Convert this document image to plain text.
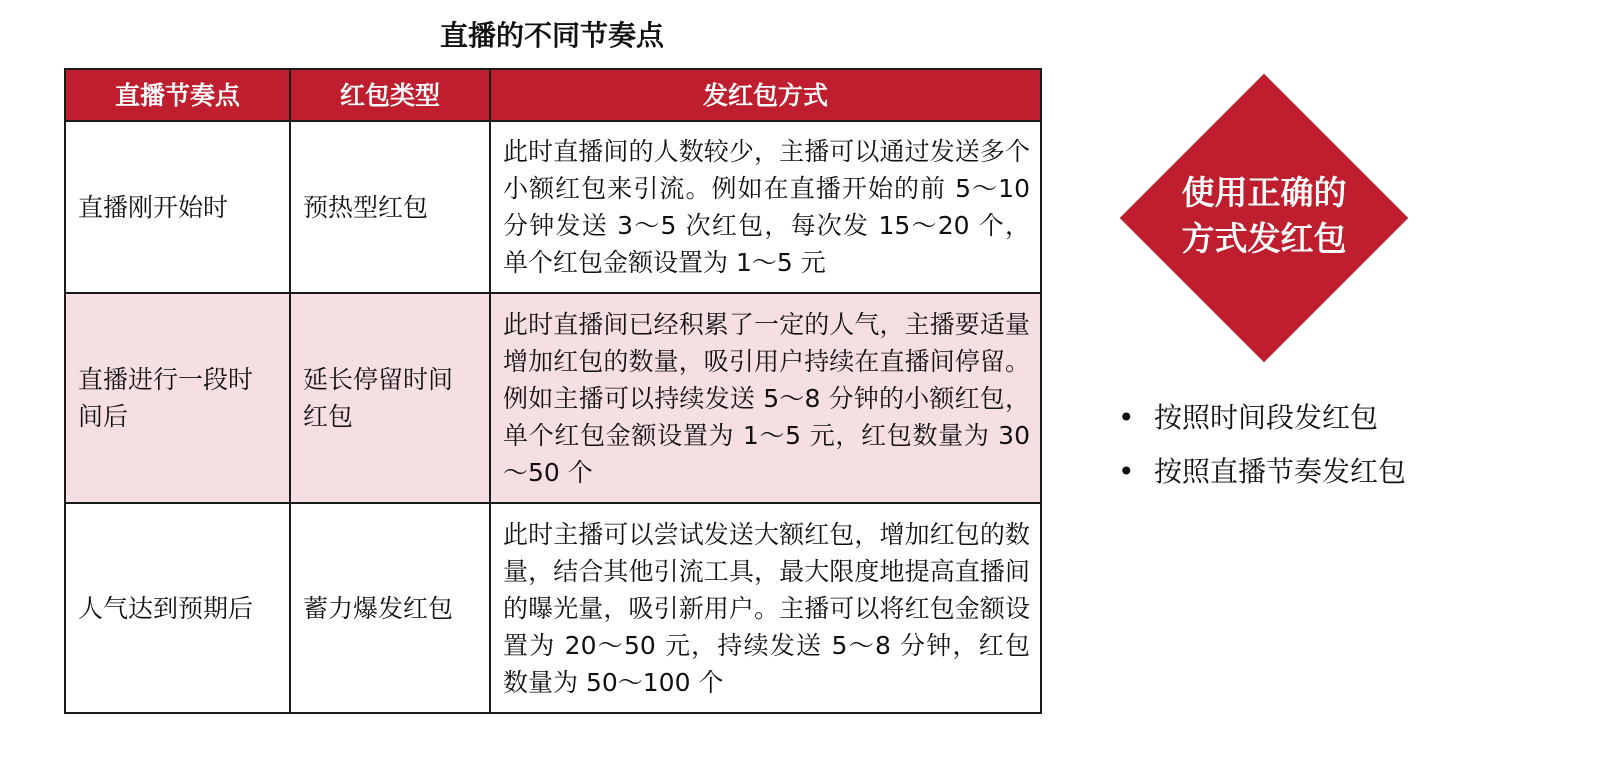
直播的不同节奏点
直播节奏点	红包类型	发红包方式
直播刚开始时	预热型红包	此时直播间的人数较少，主播可以通过发送多个小额红包来引流。例如在直播开始的前 5～10 分钟发送 3～5 次红包，每次发 15～20 个，单个红包金额设置为 1～5 元
直播进行一段时间后	延长停留时间红包	此时直播间已经积累了一定的人气，主播要适量增加红包的数量，吸引用户持续在直播间停留。例如主播可以持续发送 5～8 分钟的小额红包，单个红包金额设置为 1～5 元，红包数量为 30～50 个
人气达到预期后	蓄力爆发红包	此时主播可以尝试发送大额红包，增加红包的数量，结合其他引流工具，最大限度地提高直播间的曝光量，吸引新用户。主播可以将红包金额设置为 20～50 元，持续发送 5～8 分钟，红包数量为 50～100 个
使用正确的
方式发红包
• 按照时间段发红包
• 按照直播节奏发红包
